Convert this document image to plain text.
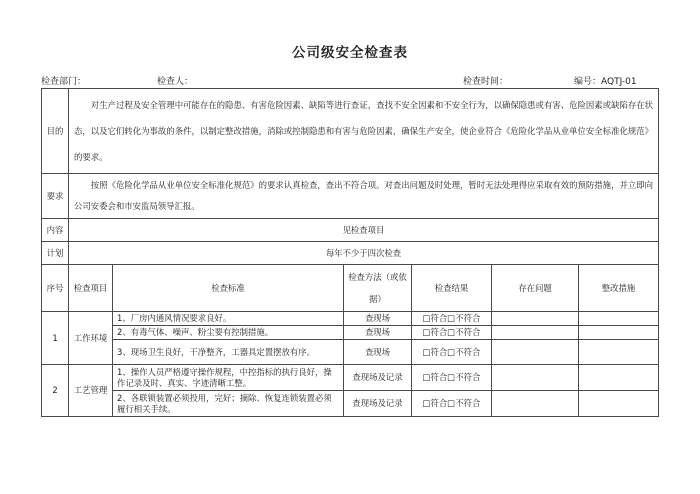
公司级安全检查表
检查部门：	检查人：	检查时间：	编号：AQTJ-01
目的	对生产过程及安全管理中可能存在的隐患、有害危险因素、缺陷等进行查证，查找不安全因素和不安全行为，以确保隐患或有害、危险因素或缺陷存在状态，以及它们转化为事故的条件，以制定整改措施，消除或控制隐患和有害与危险因素，确保生产安全，使企业符合《危险化学品从业单位安全标准化规范》的要求。					
要求	按照《危险化学品从业单位安全标准化规范》的要求认真检查，查出不符合项。对查出问题及时处理，暂时无法处理得应采取有效的预防措施，并立即向公司安委会和市安监局领导汇报。					
内容	见检查项目					
计划	每年不少于四次检查					
序号	检查项目	检查标准	检查方法（或依据）	检查结果	存在问题	整改措施
1	工作环境	1、厂房内通风情况要求良好。	查现场	□符合□不符合		
		2、有毒气体、噪声、粉尘要有控制措施。	查现场	□符合□不符合		
		3、现场卫生良好，干净整齐，工器具定置摆放有序。	查现场	□符合□不符合		
2	工艺管理	1、操作人员严格遵守操作规程，中控指标的执行良好，操作记录及时、真实、字迹清晰工整。	查现场及记录	□符合□不符合		
		2、各联锁装置必须投用，完好；摘除、恢复连锁装置必须履行相关手续。	查现场及记录	□符合□不符合		
